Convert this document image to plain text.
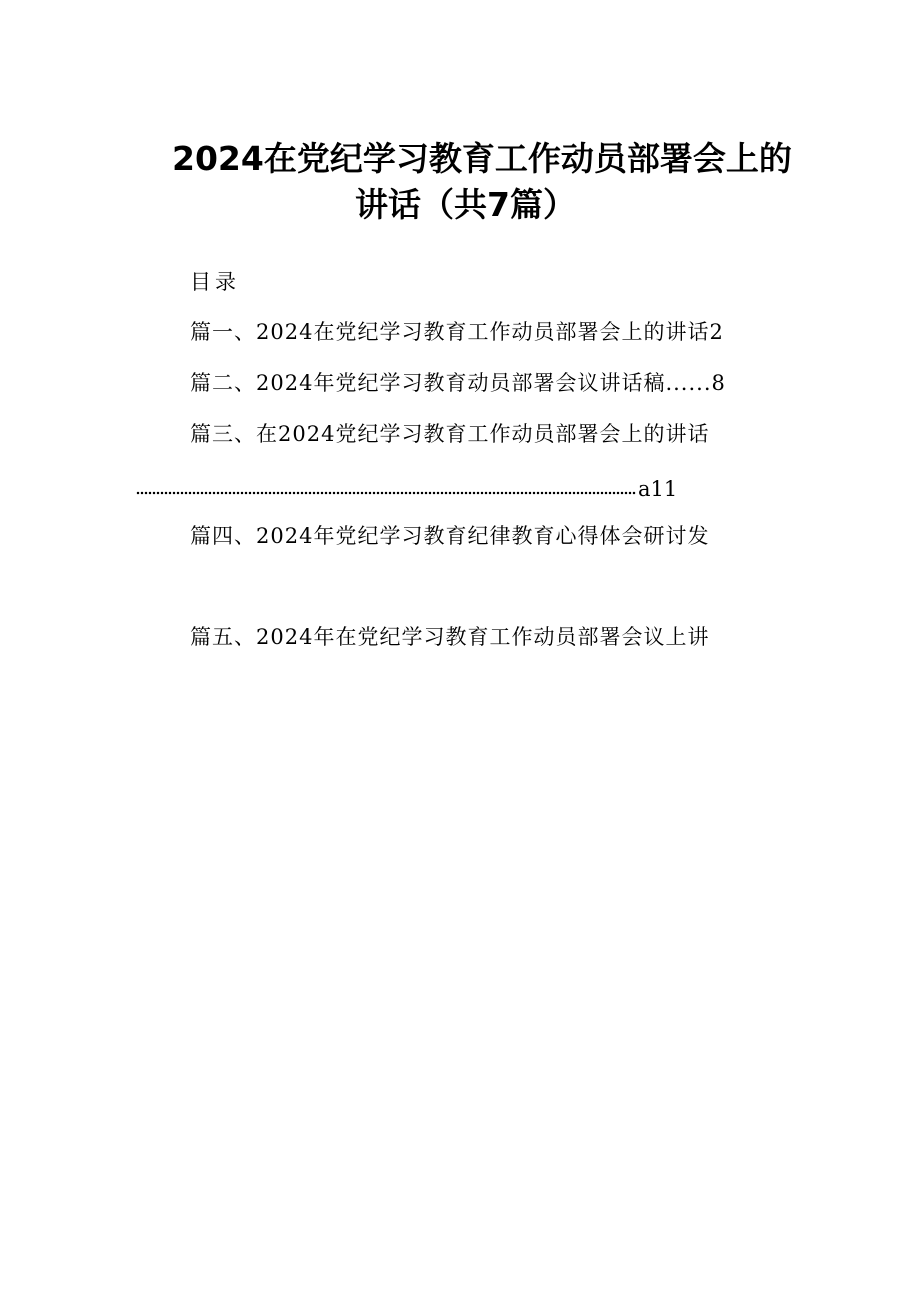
2024在党纪学习教育工作动员部署会上的
讲话（共7篇）
目录
篇一、2024在党纪学习教育工作动员部署会上的讲话2
篇二、2024年党纪学习教育动员部署会议讲话稿......8
篇三、在2024党纪学习教育工作动员部署会上的讲话
a11
篇四、2024年党纪学习教育纪律教育心得体会研讨发
篇五、2024年在党纪学习教育工作动员部署会议上讲
